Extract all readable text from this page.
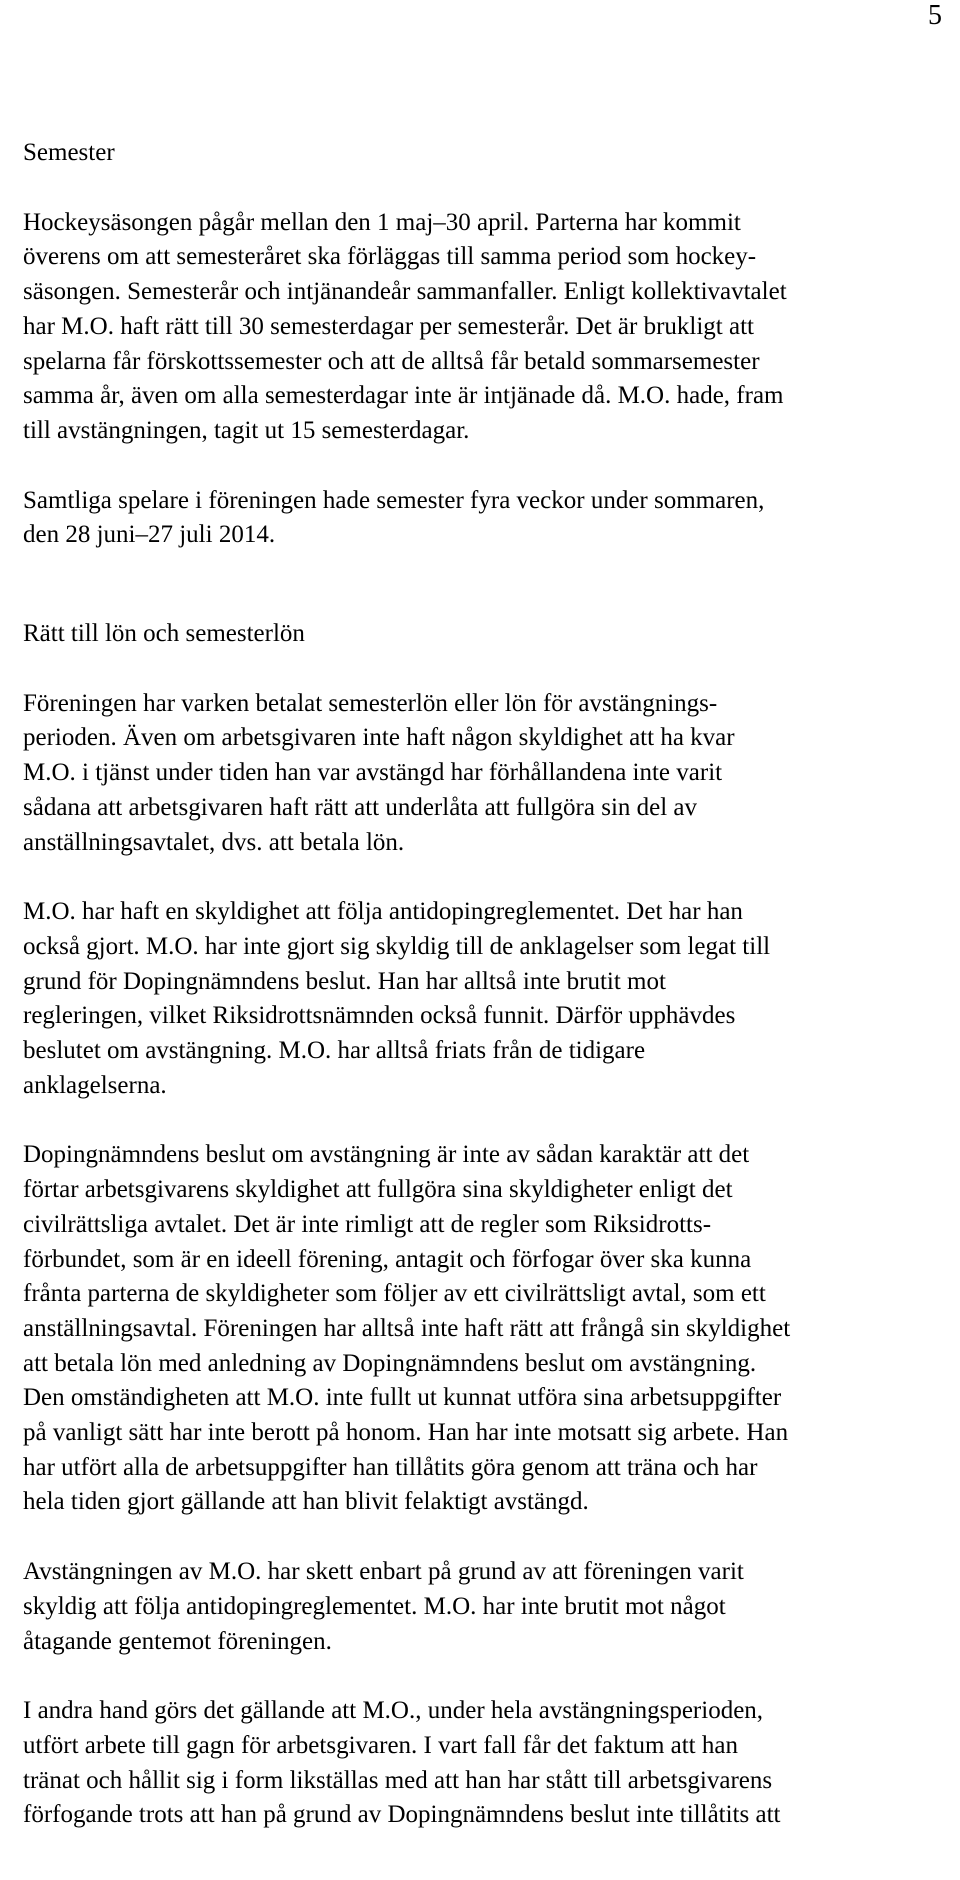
5
Semester
Hockeysäsongen pågår mellan den 1 maj–30 april. Parterna har kommit
överens om att semesteråret ska förläggas till samma period som hockey-
säsongen. Semesterår och intjänandeår sammanfaller. Enligt kollektivavtalet
har M.O. haft rätt till 30 semesterdagar per semesterår. Det är brukligt att
spelarna får förskottssemester och att de alltså får betald sommarsemester
samma år, även om alla semesterdagar inte är intjänade då. M.O. hade, fram
till avstängningen, tagit ut 15 semesterdagar.
Samtliga spelare i föreningen hade semester fyra veckor under sommaren,
den 28 juni–27 juli 2014.
Rätt till lön och semesterlön
Föreningen har varken betalat semesterlön eller lön för avstängnings-
perioden. Även om arbetsgivaren inte haft någon skyldighet att ha kvar
M.O. i tjänst under tiden han var avstängd har förhållandena inte varit
sådana att arbetsgivaren haft rätt att underlåta att fullgöra sin del av
anställningsavtalet, dvs. att betala lön.
M.O. har haft en skyldighet att följa antidopingreglementet. Det har han
också gjort. M.O. har inte gjort sig skyldig till de anklagelser som legat till
grund för Dopingnämndens beslut. Han har alltså inte brutit mot
regleringen, vilket Riksidrottsnämnden också funnit. Därför upphävdes
beslutet om avstängning. M.O. har alltså friats från de tidigare
anklagelserna.
Dopingnämndens beslut om avstängning är inte av sådan karaktär att det
förtar arbetsgivarens skyldighet att fullgöra sina skyldigheter enligt det
civilrättsliga avtalet. Det är inte rimligt att de regler som Riksidrotts-
förbundet, som är en ideell förening, antagit och förfogar över ska kunna
frånta parterna de skyldigheter som följer av ett civilrättsligt avtal, som ett
anställningsavtal. Föreningen har alltså inte haft rätt att frångå sin skyldighet
att betala lön med anledning av Dopingnämndens beslut om avstängning.
Den omständigheten att M.O. inte fullt ut kunnat utföra sina arbetsuppgifter
på vanligt sätt har inte berott på honom. Han har inte motsatt sig arbete. Han
har utfört alla de arbetsuppgifter han tillåtits göra genom att träna och har
hela tiden gjort gällande att han blivit felaktigt avstängd.
Avstängningen av M.O. har skett enbart på grund av att föreningen varit
skyldig att följa antidopingreglementet. M.O. har inte brutit mot något
åtagande gentemot föreningen.
I andra hand görs det gällande att M.O., under hela avstängningsperioden,
utfört arbete till gagn för arbetsgivaren. I vart fall får det faktum att han
tränat och hållit sig i form likställas med att han har stått till arbetsgivarens
förfogande trots att han på grund av Dopingnämndens beslut inte tillåtits att
